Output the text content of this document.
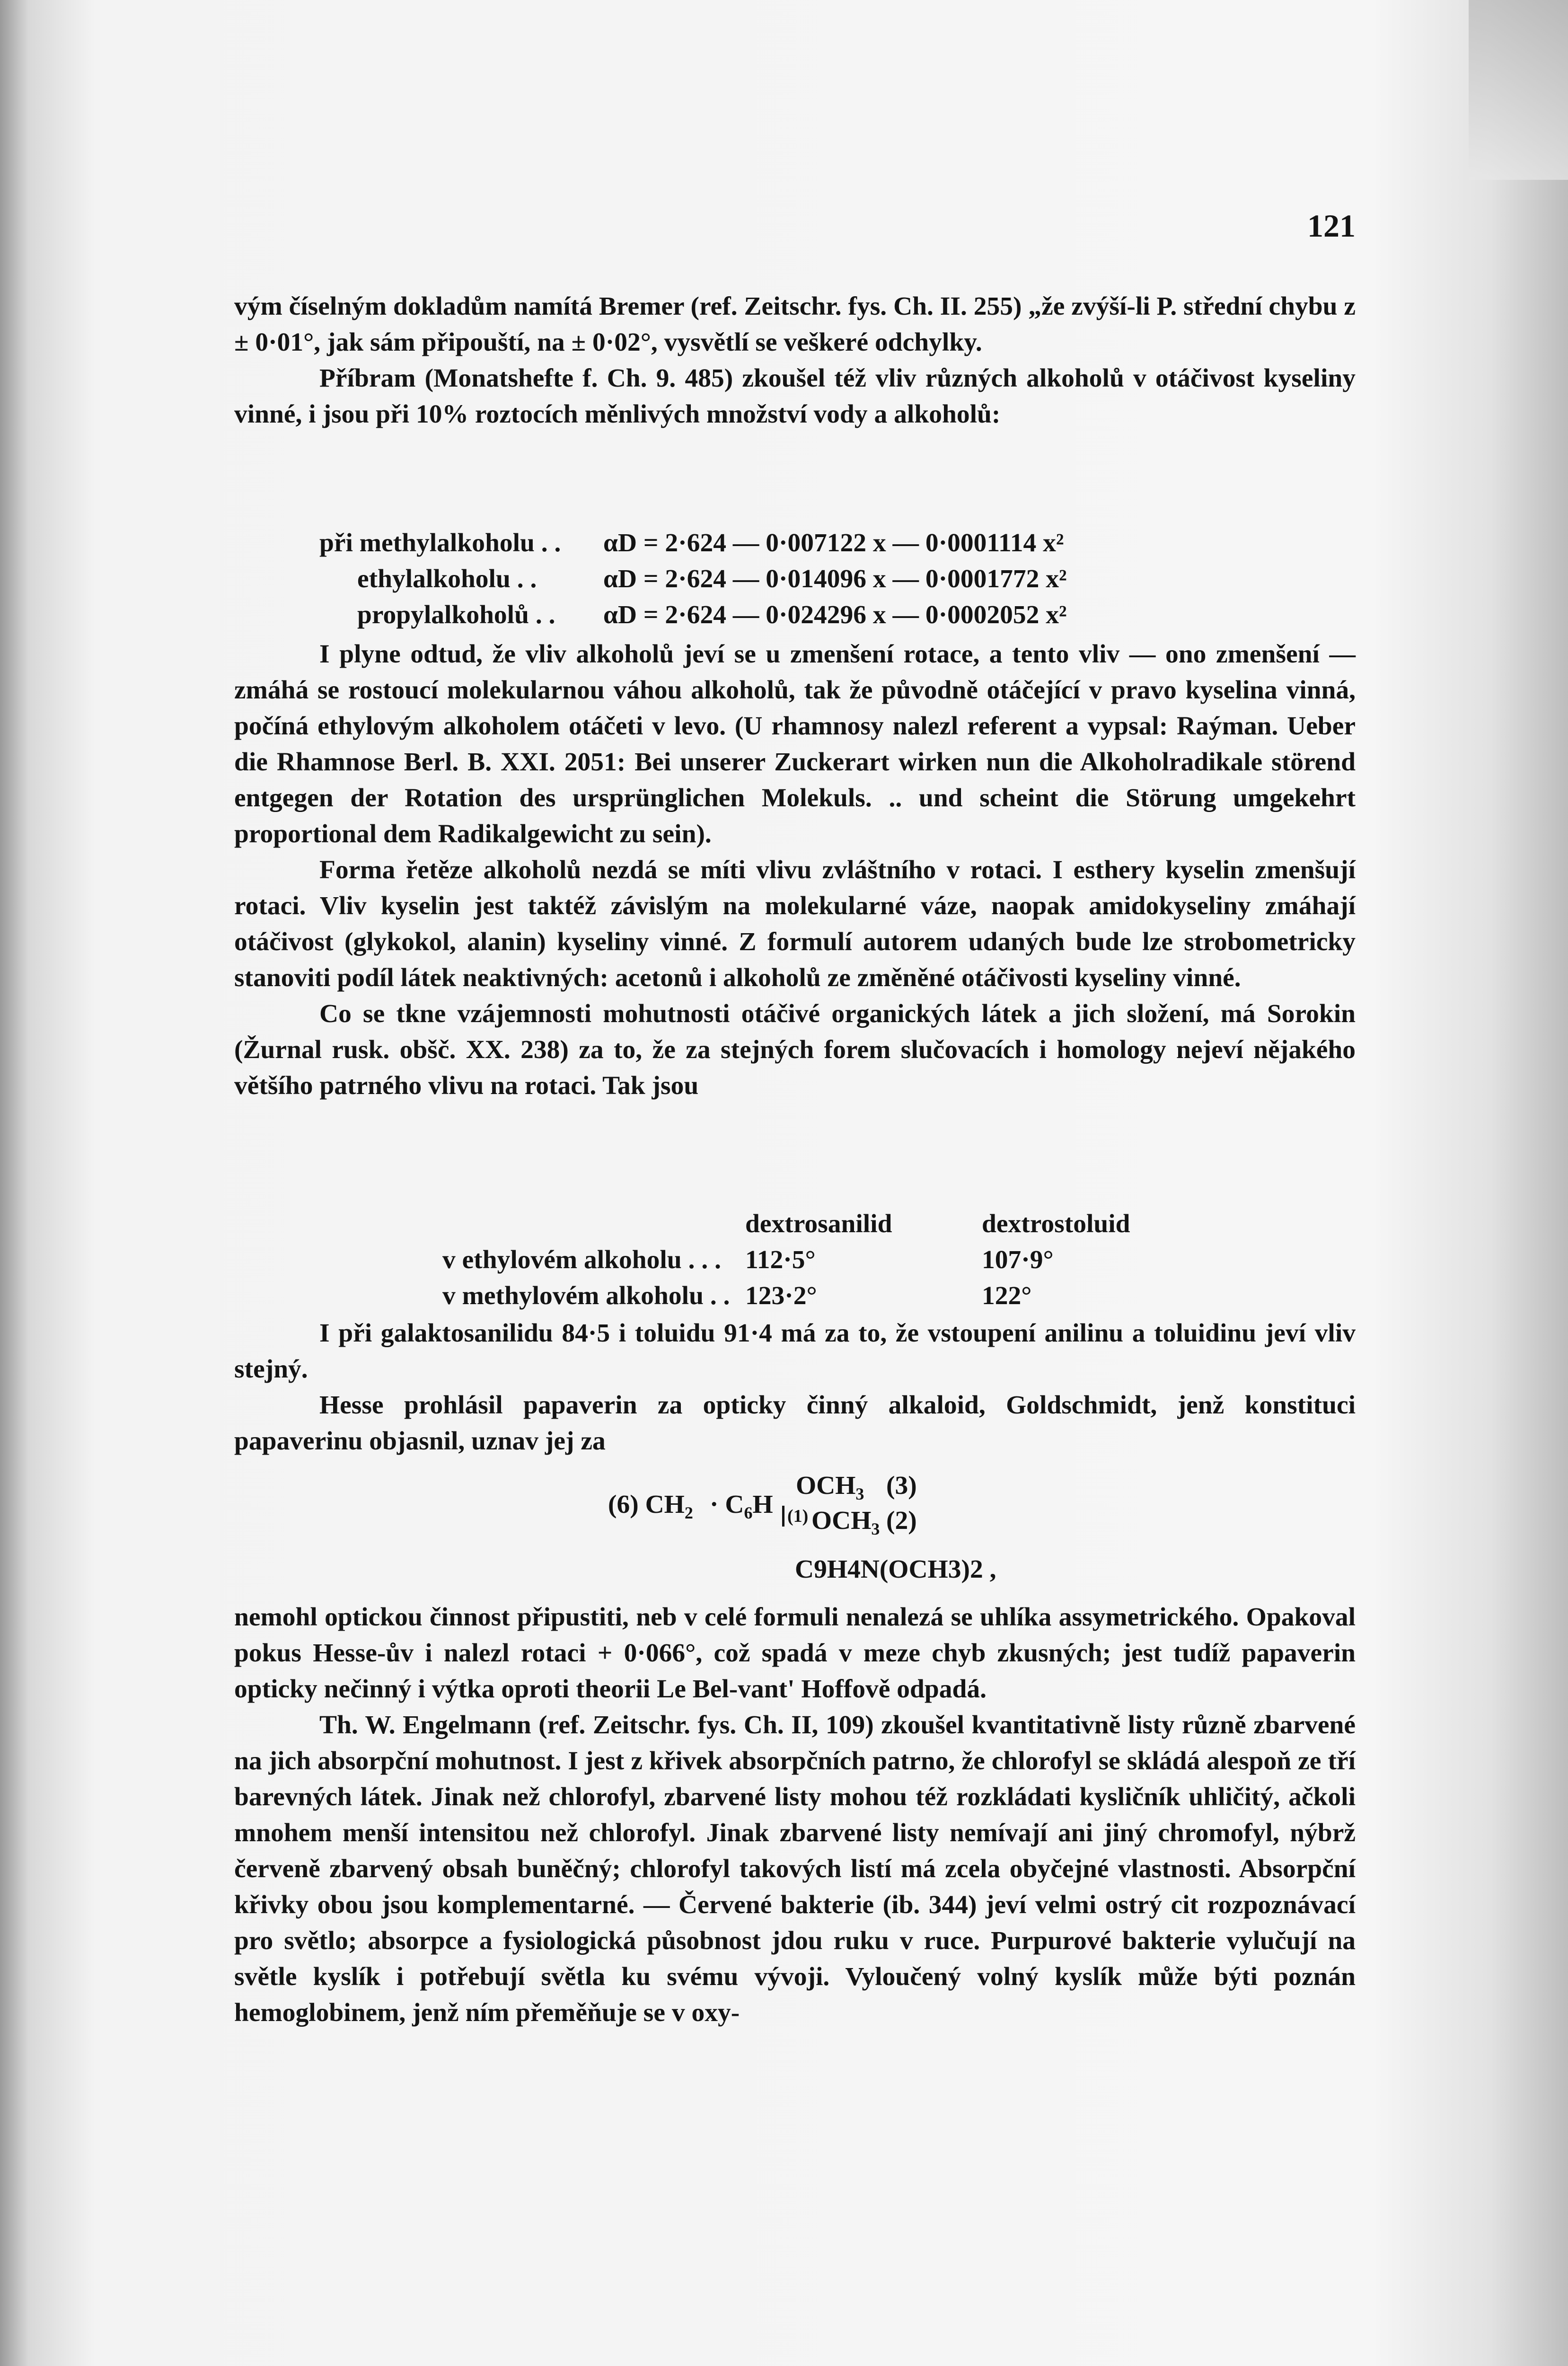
121

vým číselným dokladům namítá Bremer (ref. Zeitschr. fys. Ch. II. 255) „že zvýší-li P. střední chybu z ± 0·01°, jak sám připouští, na ± 0·02°, vysvětlí se veškeré odchylky.

Příbram (Monatshefte f. Ch. 9. 485) zkoušel též vliv různých alkoholů v otáčivost kyseliny vinné, i jsou při 10% roztocích měnlivých množství vody a alkoholů:

při methylalkoholu . .	αD = 2·624 — 0·007122 x — 0·0001114 x²
ethylalkoholu . .	αD = 2·624 — 0·014096 x — 0·0001772 x²
propylalkoholů . .	αD = 2·624 — 0·024296 x — 0·0002052 x²

I plyne odtud, že vliv alkoholů jeví se u zmenšení rotace, a tento vliv — ono zmenšení — zmáhá se rostoucí molekularnou váhou alkoholů, tak že původně otáčející v pravo kyselina vinná, počíná ethylovým alkoholem otáčeti v levo. (U rhamnosy nalezl referent a vypsal: Raýman. Ueber die Rhamnose Berl. B. XXI. 2051: Bei unserer Zuckerart wirken nun die Alkoholradikale störend entgegen der Rotation des ursprünglichen Molekuls. .. und scheint die Störung umgekehrt proportional dem Radikalgewicht zu sein).

Forma řetěze alkoholů nezdá se míti vlivu zvláštního v rotaci. I esthery kyselin zmenšují rotaci. Vliv kyselin jest taktéž závislým na molekularné váze, naopak amidokyseliny zmáhají otáčivost (glykokol, alanin) kyseliny vinné. Z formulí autorem udaných bude lze strobometricky stanoviti podíl látek neaktivných: acetonů i alkoholů ze změněné otáčivosti kyseliny vinné.

Co se tkne vzájemnosti mohutnosti otáčivé organických látek a jich složení, má Sorokin (Žurnal rusk. obšč. XX. 238) za to, že za stejných forem slučovacích i homology nejeví nějakého většího patrného vlivu na rotaci. Tak jsou

	dextrosanilid	dextrostoluid
v ethylovém alkoholu . . .	112·5°	107·9°
v methylovém alkoholu . .	123·2°	122°

I při galaktosanilidu 84·5 i toluidu 91·4 má za to, že vstoupení anilinu a toluidinu jeví vliv stejný.

Hesse prohlásil papaverin za opticky činný alkaloid, Goldschmidt, jenž konstituci papaverinu objasnil, uznav jej za

(6) $CH_2 \cdot C_6H$
$OCH_3$ (3)
(1) $OCH_3$ (2)
C9H4N(OCH3)2 ,

nemohl optickou činnost připustiti, neb v celé formuli nenalezá se uhlíka assymetrického. Opakoval pokus Hesse-ův i nalezl rotaci + 0·066°, což spadá v meze chyb zkusných; jest tudíž papaverin opticky nečinný i výtka oproti theorii Le Bel-vant' Hoffově odpadá.

Th. W. Engelmann (ref. Zeitschr. fys. Ch. II, 109) zkoušel kvantitativně listy různě zbarvené na jich absorpční mohutnost. I jest z křivek absorpčních patrno, že chlorofyl se skládá alespoň ze tří barevných látek. Jinak než chlorofyl, zbarvené listy mohou též rozkládati kysličník uhličitý, ačkoli mnohem menší intensitou než chlorofyl. Jinak zbarvené listy nemívají ani jiný chromofyl, nýbrž červeně zbarvený obsah buněčný; chlorofyl takových listí má zcela obyčejné vlastnosti. Absorpční křivky obou jsou komplementarné. — Červené bakterie (ib. 344) jeví velmi ostrý cit rozpoznávací pro světlo; absorpce a fysiologická působnost jdou ruku v ruce. Purpurové bakterie vylučují na světle kyslík i potřebují světla ku svému vývoji. Vyloučený volný kyslík může býti poznán hemoglobinem, jenž ním přeměňuje se v oxy-
